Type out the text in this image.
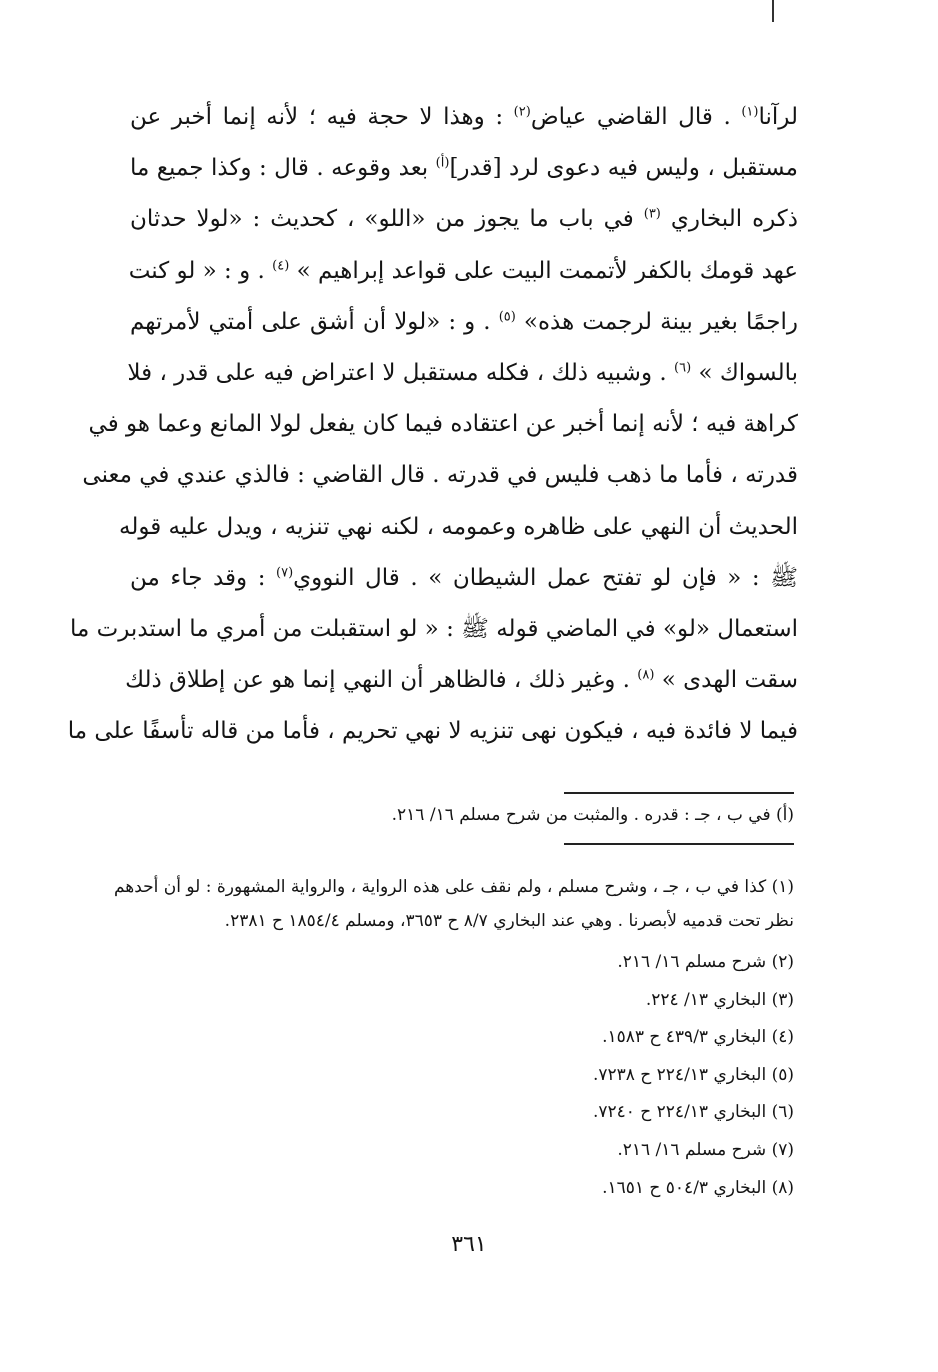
لرآنا$^{(١)}$ . قال القاضي عياض$^{(٢)}$ : وهذا لا حجة فيه ؛ لأنه إنما أخبر عن
مستقبل ، وليس فيه دعوى لرد [قدر]$^{(أ)}$ بعد وقوعه . قال : وكذا جميع ما
ذكره البخاري $^{(٣)}$ في باب ما يجوز من «اللو» ، كحديث : «لولا حدثان
عهد قومك بالكفر لأتممت البيت على قواعد إبراهيم » $^{(٤)}$ . و : « لو كنت
راجمًا بغير بينة لرجمت هذه» $^{(٥)}$ . و : «لولا أن أشق على أمتي لأمرتهم
بالسواك » $^{(٦)}$ . وشبيه ذلك ، فكله مستقبل لا اعتراض فيه على قدر ، فلا
كراهة فيه ؛ لأنه إنما أخبر عن اعتقاده فيما كان يفعل لولا المانع وعما هو في
قدرته ، فأما ما ذهب فليس في قدرته . قال القاضي : فالذي عندي في معنى
الحديث أن النهي على ظاهره وعمومه ، لكنه نهي تنزيه ، ويدل عليه قوله
ﷺ : « فإن لو تفتح عمل الشيطان » . قال النووي$^{(٧)}$ : وقد جاء من
استعمال «لو» في الماضي قوله ﷺ : « لو استقبلت من أمري ما استدبرت ما
سقت الهدى » $^{(٨)}$ . وغير ذلك ، فالظاهر أن النهي إنما هو عن إطلاق ذلك
فيما لا فائدة فيه ، فيكون نهى تنزيه لا نهي تحريم ، فأما من قاله تأسفًا على ما
(أ) في ب ، جـ : قدره . والمثبت من شرح مسلم ١٦/ ٢١٦.
(١) كذا في ب ، جـ ، وشرح مسلم ، ولم نقف على هذه الرواية ، والرواية المشهورة : لو أن أحدهم
نظر تحت قدميه لأبصرنا . وهي عند البخاري ٨/٧ ح ٣٦٥٣، ومسلم ١٨٥٤/٤ ح ٢٣٨١.
(٢) شرح مسلم ١٦/ ٢١٦.
(٣) البخاري ١٣/ ٢٢٤.
(٤) البخاري ٤٣٩/٣ ح ١٥٨٣.
(٥) البخاري ٢٢٤/١٣ ح ٧٢٣٨.
(٦) البخاري ٢٢٤/١٣ ح ٧٢٤٠.
(٧) شرح مسلم ١٦/ ٢١٦.
(٨) البخاري ٥٠٤/٣ ح ١٦٥١.
٣٦١
